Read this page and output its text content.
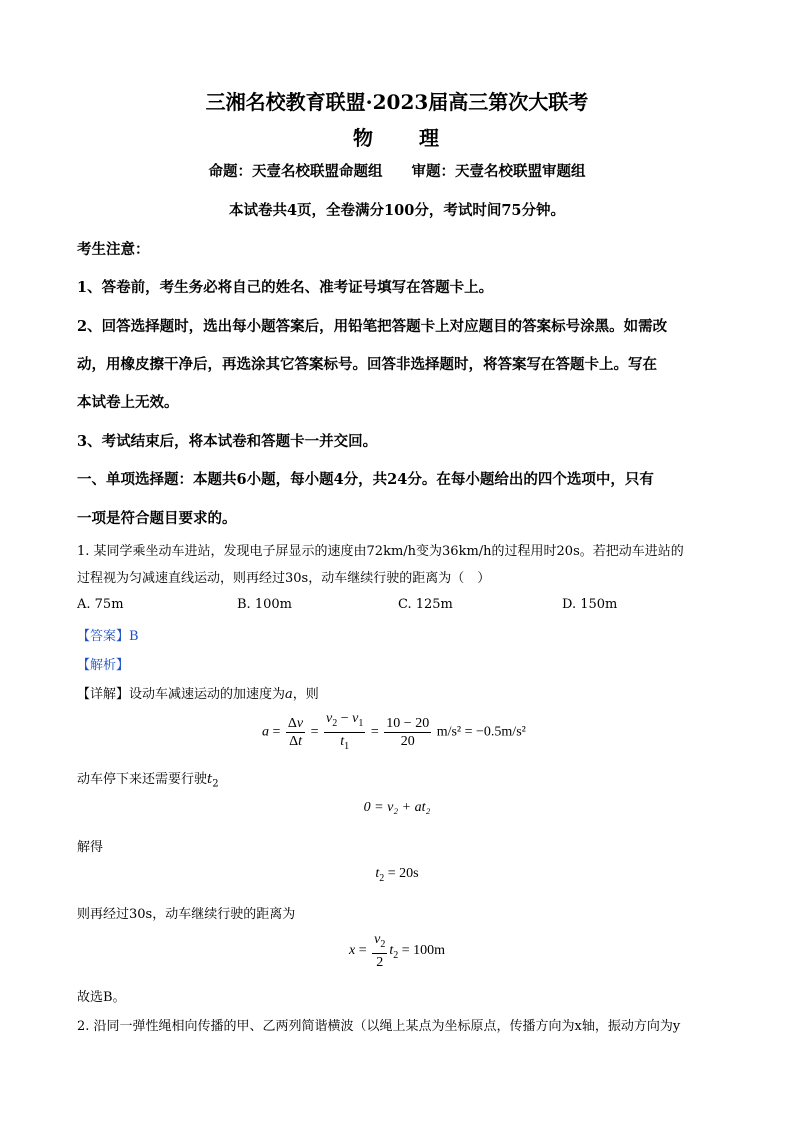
三湘名校教育联盟·2023届高三第次大联考
物　　理
命题：天壹名校联盟命题组　　审题：天壹名校联盟审题组
本试卷共4页，全卷满分100分，考试时间75分钟。
考生注意：
1、答卷前，考生务必将自己的姓名、准考证号填写在答题卡上。
2、回答选择题时，选出每小题答案后，用铅笔把答题卡上对应题目的答案标号涂黑。如需改
动，用橡皮擦干净后，再选涂其它答案标号。回答非选择题时，将答案写在答题卡上。写在
本试卷上无效。
3、考试结束后，将本试卷和答题卡一并交回。
一、单项选择题：本题共6小题，每小题4分，共24分。在每小题给出的四个选项中，只有
一项是符合题目要求的。
1. 某同学乘坐动车进站，发现电子屏显示的速度由72km/h变为36km/h的过程用时20s。若把动车进站的
过程视为匀减速直线运动，则再经过30s，动车继续行驶的距离为（　）
A. 75m	B. 100m	C. 125m	D. 150m
【答案】B
【解析】
【详解】设动车减速运动的加速度为a，则
$a = \frac{\Delta v}{\Delta t} = \frac{v_2 - v_1}{t_1} = \frac{10 - 20}{20} m/s^2 = -0.5m/s^2$
动车停下来还需要行驶$t_2$
0 = v₂ + at₂
解得
$t_2 = 20s$
则再经过30s，动车继续行驶的距离为
$x = \frac{v_2}{2} t_2 = 100m$
故选B。
2. 沿同一弹性绳相向传播的甲、乙两列简谐横波（以绳上某点为坐标原点，传播方向为x轴，振动方向为y
